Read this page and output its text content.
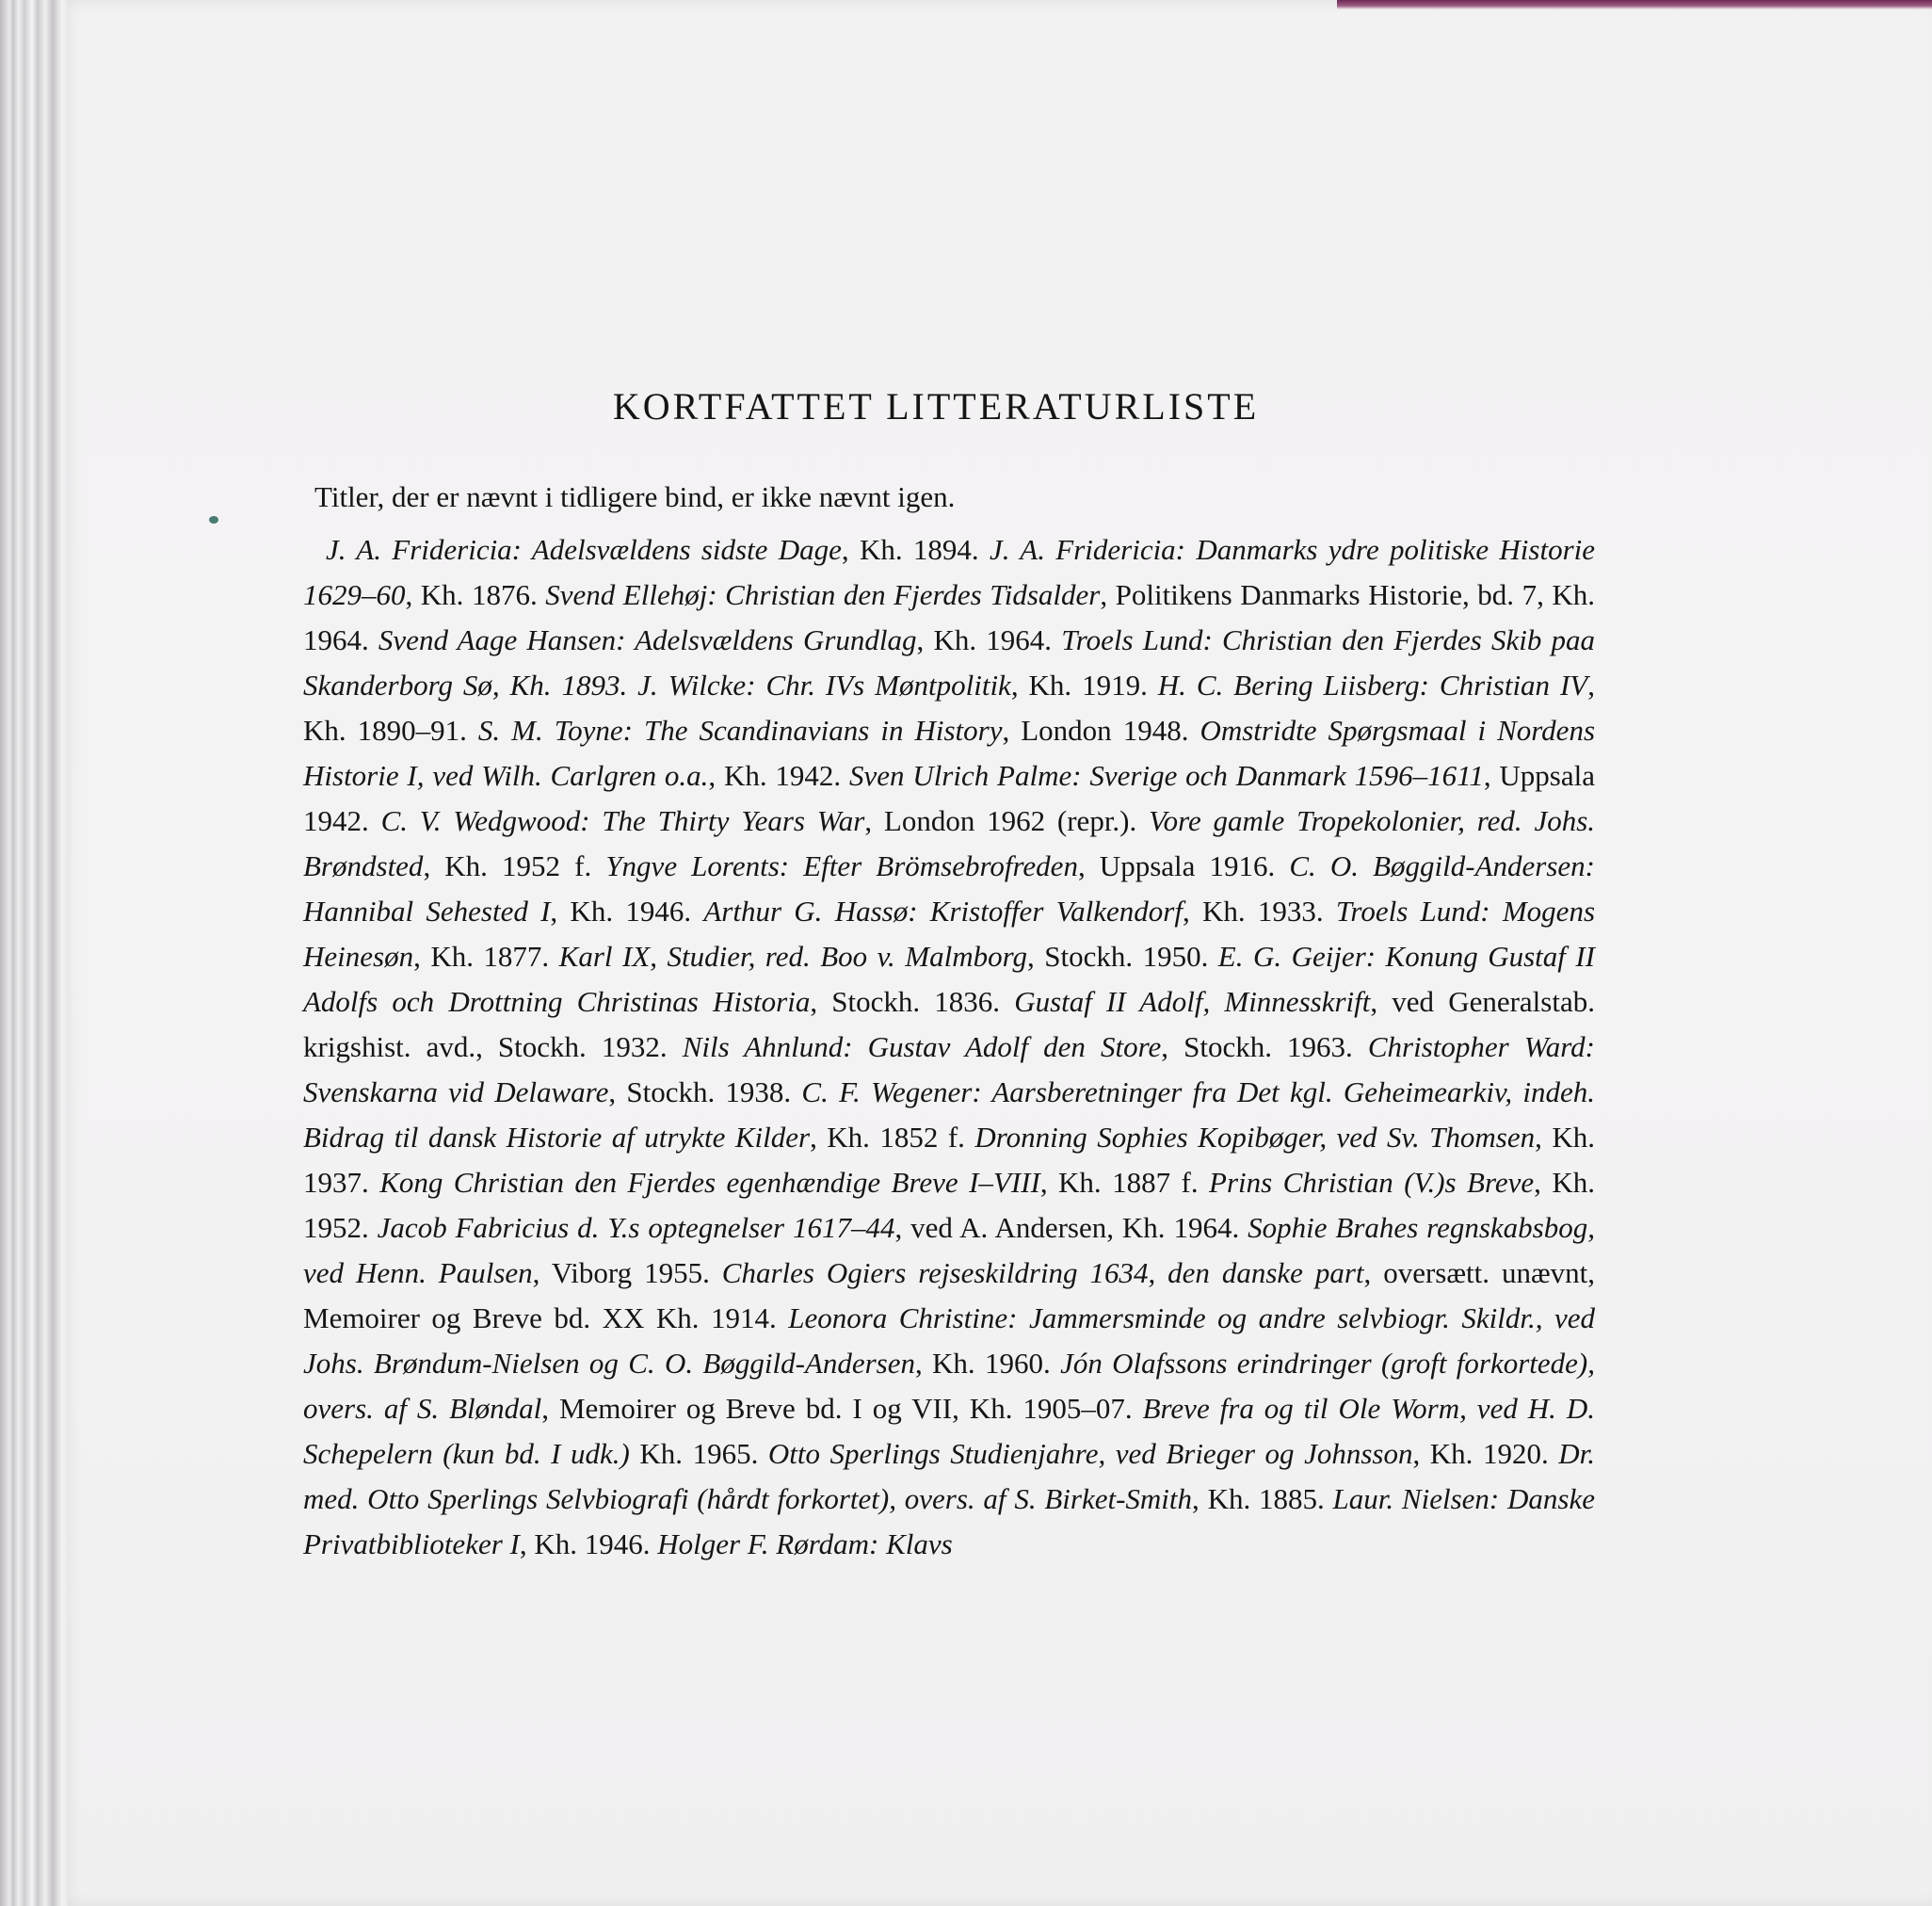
KORTFATTET LITTERATURLISTE

Titler, der er nævnt i tidligere bind, er ikke nævnt igen.

J. A. Fridericia: Adelsvældens sidste Dage, Kh. 1894. J. A. Fridericia: Danmarks ydre politiske Historie 1629–60, Kh. 1876. Svend Ellehøj: Christian den Fjerdes Tidsalder, Politikens Danmarks Historie, bd. 7, Kh. 1964. Svend Aage Hansen: Adelsvældens Grundlag, Kh. 1964. Troels Lund: Christian den Fjerdes Skib paa Skanderborg Sø, Kh. 1893. J. Wilcke: Chr. IVs Møntpolitik, Kh. 1919. H. C. Bering Liisberg: Christian IV, Kh. 1890–91. S. M. Toyne: The Scandinavians in History, London 1948. Omstridte Spørgsmaal i Nordens Historie I, ved Wilh. Carlgren o.a., Kh. 1942. Sven Ulrich Palme: Sverige och Danmark 1596–1611, Uppsala 1942. C. V. Wedgwood: The Thirty Years War, London 1962 (repr.). Vore gamle Tropekolonier, red. Johs. Brøndsted, Kh. 1952 f. Yngve Lorents: Efter Brömsebrofreden, Uppsala 1916. C. O. Bøggild-Andersen: Hannibal Sehested I, Kh. 1946. Arthur G. Hassø: Kristoffer Valkendorf, Kh. 1933. Troels Lund: Mogens Heinesøn, Kh. 1877. Karl IX, Studier, red. Boo v. Malmborg, Stockh. 1950. E. G. Geijer: Konung Gustaf II Adolfs och Drottning Christinas Historia, Stockh. 1836. Gustaf II Adolf, Minnesskrift, ved Generalstab. krigshist. avd., Stockh. 1932. Nils Ahnlund: Gustav Adolf den Store, Stockh. 1963. Christopher Ward: Svenskarna vid Delaware, Stockh. 1938. C. F. Wegener: Aarsberetninger fra Det kgl. Geheimearkiv, indeh. Bidrag til dansk Historie af utrykte Kilder, Kh. 1852 f. Dronning Sophies Kopibøger, ved Sv. Thomsen, Kh. 1937. Kong Christian den Fjerdes egenhændige Breve I–VIII, Kh. 1887 f. Prins Christian (V.)s Breve, Kh. 1952. Jacob Fabricius d. Y.s optegnelser 1617–44, ved A. Andersen, Kh. 1964. Sophie Brahes regnskabsbog, ved Henn. Paulsen, Viborg 1955. Charles Ogiers rejseskildring 1634, den danske part, oversætt. unævnt, Memoirer og Breve bd. XX Kh. 1914. Leonora Christine: Jammersminde og andre selvbiogr. Skildr., ved Johs. Brøndum-Nielsen og C. O. Bøggild-Andersen, Kh. 1960. Jón Olafssons erindringer (groft forkortede), overs. af S. Bløndal, Memoirer og Breve bd. I og VII, Kh. 1905–07. Breve fra og til Ole Worm, ved H. D. Schepelern (kun bd. I udk.) Kh. 1965. Otto Sperlings Studienjahre, ved Brieger og Johnsson, Kh. 1920. Dr. med. Otto Sperlings Selvbiografi (hårdt forkortet), overs. af S. Birket-Smith, Kh. 1885. Laur. Nielsen: Danske Privatbiblioteker I, Kh. 1946. Holger F. Rørdam: Klavs
